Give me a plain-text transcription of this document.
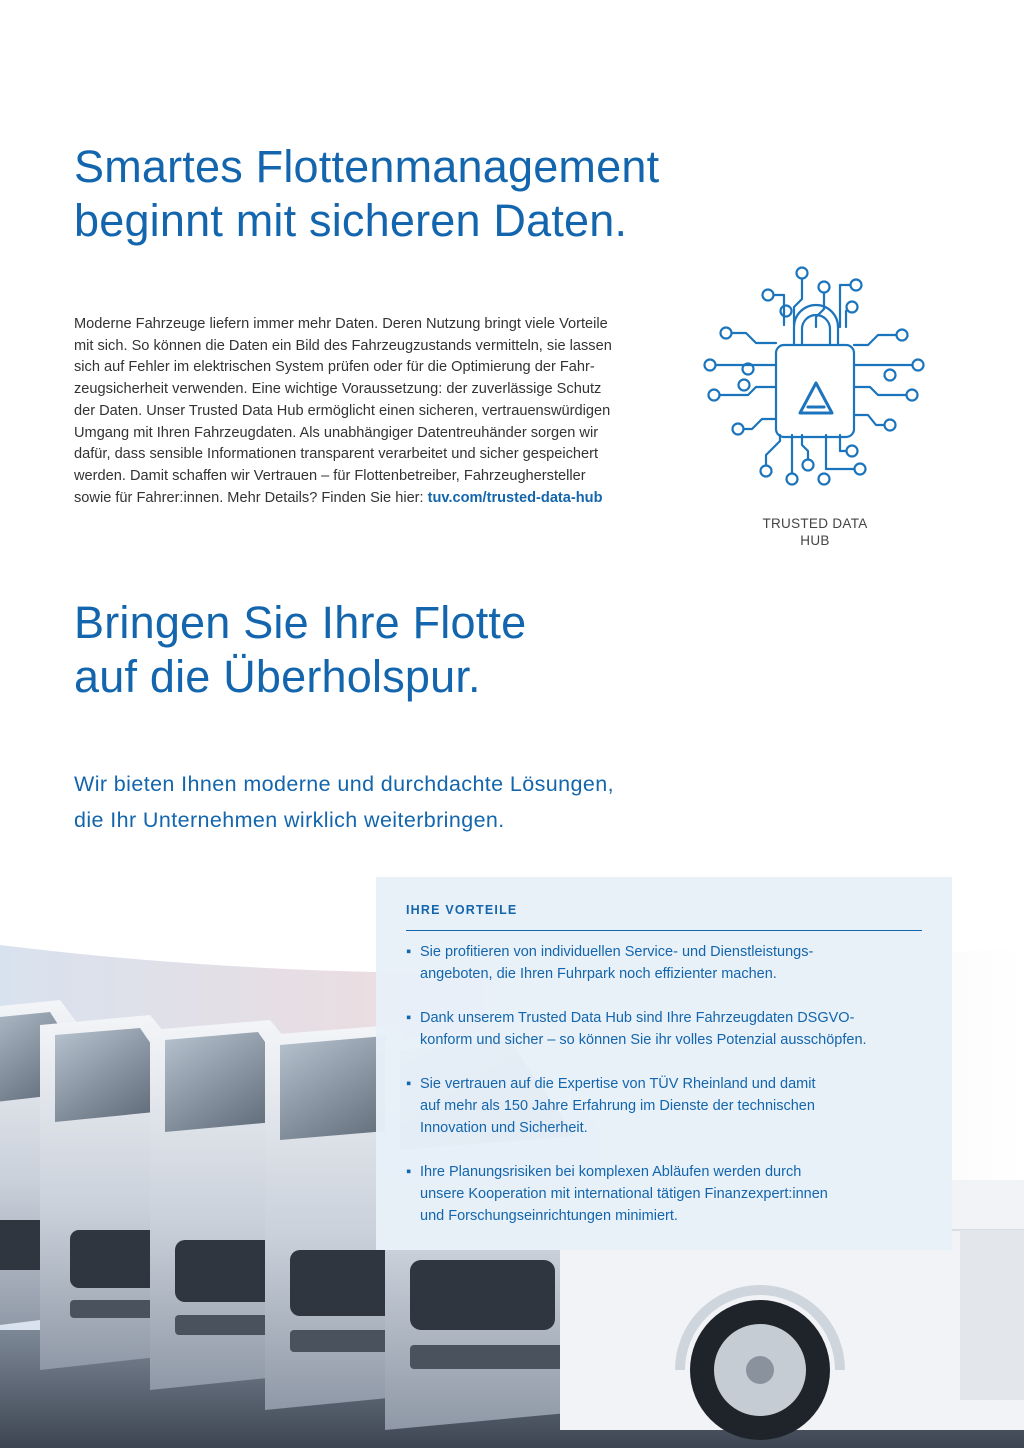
Smartes Flottenmanagement
beginnt mit sicheren Daten.

Moderne Fahrzeuge liefern immer mehr Daten. Deren Nutzung bringt viele Vorteile
mit sich. So können die Daten ein Bild des Fahrzeugzustands vermitteln, sie lassen
sich auf Fehler im elektrischen System prüfen oder für die Optimierung der Fahr-
zeugsicherheit verwenden. Eine wichtige Voraussetzung: der zuverlässige Schutz
der Daten. Unser Trusted Data Hub ermöglicht einen sicheren, vertrauenswürdigen
Umgang mit Ihren Fahrzeugdaten. Als unabhängiger Datentreuhänder sorgen wir
dafür, dass sensible Informationen transparent verarbeitet und sicher gespeichert
werden. Damit schaffen wir Vertrauen – für Flottenbetreiber, Fahrzeughersteller
sowie für Fahrer:innen. Mehr Details? Finden Sie hier: tuv.com/trusted-data-hub

TRUSTED DATA
HUB
Bringen Sie Ihre Flotte
auf die Überholspur.

Wir bieten Ihnen moderne und durchdachte Lösungen,
die Ihr Unternehmen wirklich weiterbringen.

IHRE VORTEILE
▪ Sie profitieren von individuellen Service- und Dienstleistungs-
angeboten, die Ihren Fuhrpark noch effizienter machen.
▪ Dank unserem Trusted Data Hub sind Ihre Fahrzeugdaten DSGVO-
konform und sicher – so können Sie ihr volles Potenzial ausschöpfen.
▪ Sie vertrauen auf die Expertise von TÜV Rheinland und damit
auf mehr als 150 Jahre Erfahrung im Dienste der technischen
Innovation und Sicherheit.
▪ Ihre Planungsrisiken bei komplexen Abläufen werden durch
unsere Kooperation mit international tätigen Finanzexpert:innen
und Forschungseinrichtungen minimiert.
